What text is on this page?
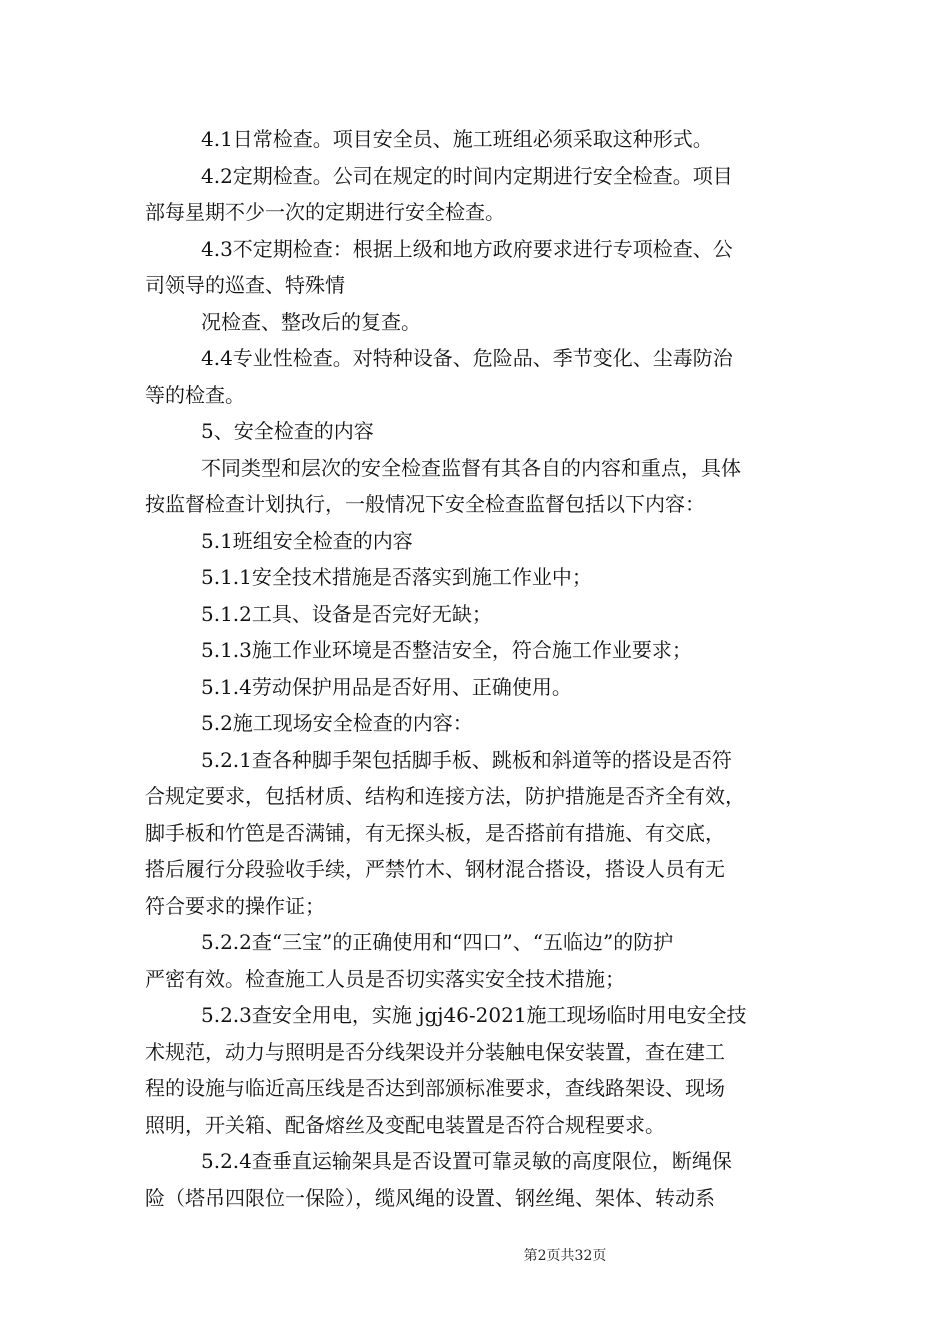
4.1日常检查。项目安全员、施工班组必须采取这种形式。
4.2定期检查。公司在规定的时间内定期进行安全检查。项目
部每星期不少一次的定期进行安全检查。
4.3不定期检查：根据上级和地方政府要求进行专项检查、公
司领导的巡查、特殊情
况检查、整改后的复查。
4.4专业性检查。对特种设备、危险品、季节变化、尘毒防治
等的检查。
5、安全检查的内容
不同类型和层次的安全检查监督有其各自的内容和重点，具体
按监督检查计划执行，一般情况下安全检查监督包括以下内容：
5.1班组安全检查的内容
5.1.1安全技术措施是否落实到施工作业中；
5.1.2工具、设备是否完好无缺；
5.1.3施工作业环境是否整洁安全，符合施工作业要求；
5.1.4劳动保护用品是否好用、正确使用。
5.2施工现场安全检查的内容：
5.2.1查各种脚手架包括脚手板、跳板和斜道等的搭设是否符
合规定要求，包括材质、结构和连接方法，防护措施是否齐全有效，
脚手板和竹笆是否满铺，有无探头板，是否搭前有措施、有交底，
搭后履行分段验收手续，严禁竹木、钢材混合搭设，搭设人员有无
符合要求的操作证；
5.2.2查“三宝”的正确使用和“四口”、“五临边”的防护
严密有效。检查施工人员是否切实落实安全技术措施；
5.2.3查安全用电，实施 jgj46-2021施工现场临时用电安全技
术规范，动力与照明是否分线架设并分装触电保安装置，查在建工
程的设施与临近高压线是否达到部颁标准要求，查线路架设、现场
照明，开关箱、配备熔丝及变配电装置是否符合规程要求。
5.2.4查垂直运输架具是否设置可靠灵敏的高度限位，断绳保
险（塔吊四限位一保险），缆风绳的设置、钢丝绳、架体、转动系
第2页共32页
